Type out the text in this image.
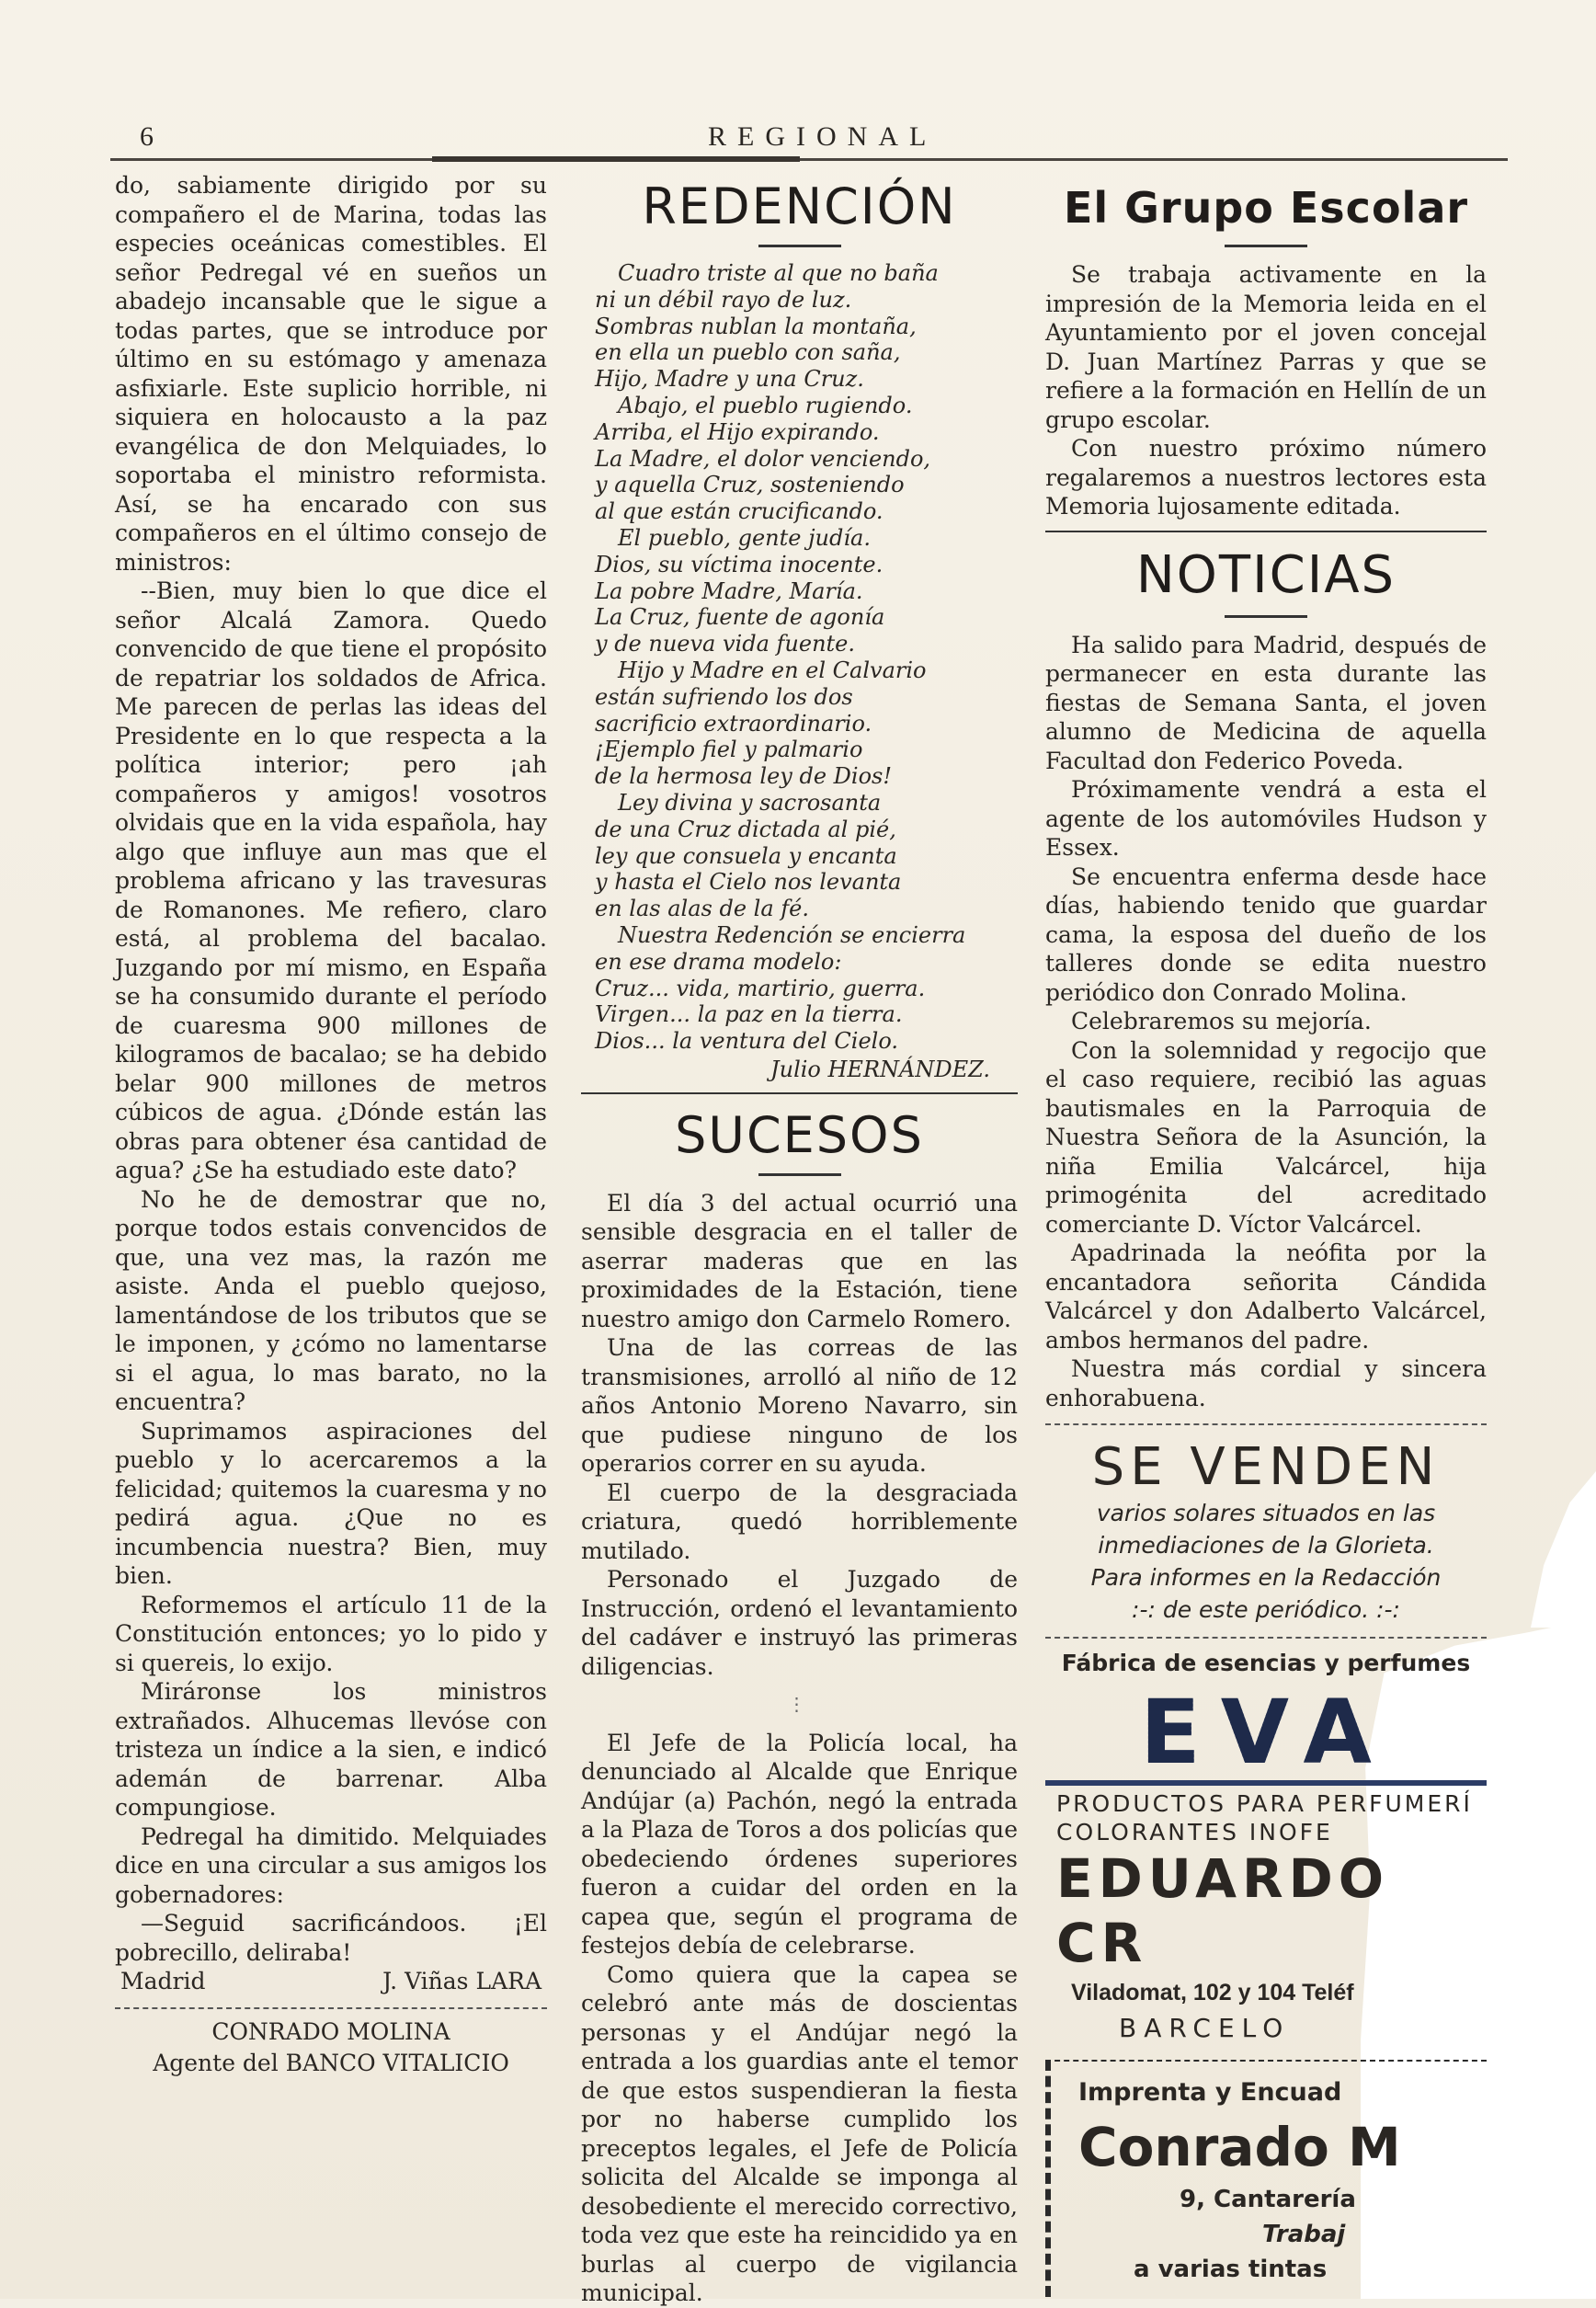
6	REGIONAL

do, sabiamente dirigido por su compañero el de Marina, todas las especies oceánicas comestibles. El señor Pedregal vé en sueños un abadejo incansable que le sigue a todas partes, que se introduce por último en su estómago y amenaza asfixiarle. Este suplicio horrible, ni siquiera en holocausto a la paz evangélica de don Melquiades, lo soportaba el ministro reformista. Así, se ha encarado con sus compañeros en el último consejo de ministros:

--Bien, muy bien lo que dice el señor Alcalá Zamora. Quedo convencido de que tiene el propósito de repatriar los soldados de Africa. Me parecen de perlas las ideas del Presidente en lo que respecta a la política interior; pero ¡ah compañeros y amigos! vosotros olvidais que en la vida española, hay algo que influye aun mas que el problema africano y las travesuras de Romanones. Me refiero, claro está, al problema del bacalao. Juzgando por mí mismo, en España se ha consumido durante el período de cuaresma 900 millones de kilogramos de bacalao; se ha debido belar 900 millones de metros cúbicos de agua. ¿Dónde están las obras para obtener ésa cantidad de agua? ¿Se ha estudiado este dato?

No he de demostrar que no, porque todos estais convencidos de que, una vez mas, la razón me asiste. Anda el pueblo quejoso, lamentándose de los tributos que se le imponen, y ¿cómo no lamentarse si el agua, lo mas barato, no la encuentra?

Suprimamos aspiraciones del pueblo y lo acercaremos a la felicidad; quitemos la cuaresma y no pedirá agua. ¿Que no es incumbencia nuestra? Bien, muy bien.

Reformemos el artículo 11 de la Constitución entonces; yo lo pido y si quereis, lo exijo.

Miráronse los ministros extrañados. Alhucemas llevóse con tristeza un índice a la sien, e indicó ademán de barrenar. Alba compungiose.

Pedregal ha dimitido. Melquiades dice en una circular a sus amigos los gobernadores:

—Seguid sacrificándoos. ¡El pobrecillo, deliraba!

Madrid	J. Viñas LARA
CONRADO MOLINA
Agente del BANCO VITALICIO
REDENCIÓN
Cuadro triste al que no baña
ni un débil rayo de luz.
Sombras nublan la montaña,
en ella un pueblo con saña,
Hijo, Madre y una Cruz.
Abajo, el pueblo rugiendo.
Arriba, el Hijo expirando.
La Madre, el dolor venciendo,
y aquella Cruz, sosteniendo
al que están crucificando.
El pueblo, gente judía.
Dios, su víctima inocente.
La pobre Madre, María.
La Cruz, fuente de agonía
y de nueva vida fuente.
Hijo y Madre en el Calvario
están sufriendo los dos
sacrificio extraordinario.
¡Ejemplo fiel y palmario
de la hermosa ley de Dios!
Ley divina y sacrosanta
de una Cruz dictada al pié,
ley que consuela y encanta
y hasta el Cielo nos levanta
en las alas de la fé.
Nuestra Redención se encierra
en ese drama modelo:
Cruz... vida, martirio, guerra.
Virgen... la paz en la tierra.
Dios... la ventura del Cielo.
Julio HERNÁNDEZ.
SUCESOS

El día 3 del actual ocurrió una sensible desgracia en el taller de aserrar maderas que en las proximidades de la Estación, tiene nuestro amigo don Carmelo Romero.

Una de las correas de las transmisiones, arrolló al niño de 12 años Antonio Moreno Navarro, sin que pudiese ninguno de los operarios correr en su ayuda.

El cuerpo de la desgraciada criatura, quedó horriblemente mutilado.

Personado el Juzgado de Instrucción, ordenó el levantamiento del cadáver e instruyó las primeras diligencias.

⋮

El Jefe de la Policía local, ha denunciado al Alcalde que Enrique Andújar (a) Pachón, negó la entrada a la Plaza de Toros a dos policías que obedeciendo órdenes superiores fueron a cuidar del orden en la capea que, según el programa de festejos debía de celebrarse.

Como quiera que la capea se celebró ante más de doscientas personas y el Andújar negó la entrada a los guardias ante el temor de que estos suspendieran la fiesta por no haberse cumplido los preceptos legales, el Jefe de Policía solicita del Alcalde se imponga al desobediente el merecido correctivo, toda vez que este ha reincidido ya en burlas al cuerpo de vigilancia municipal.

El Grupo Escolar

Se trabaja activamente en la impresión de la Memoria leida en el Ayuntamiento por el joven concejal D. Juan Martínez Parras y que se refiere a la formación en Hellín de un grupo escolar.

Con nuestro próximo número regalaremos a nuestros lectores esta Memoria lujosamente editada.

NOTICIAS

Ha salido para Madrid, después de permanecer en esta durante las fiestas de Semana Santa, el joven alumno de Medicina de aquella Facultad don Federico Poveda.

Próximamente vendrá a esta el agente de los automóviles Hudson y Essex.

Se encuentra enferma desde hace días, habiendo tenido que guardar cama, la esposa del dueño de los talleres donde se edita nuestro periódico don Conrado Molina.

Celebraremos su mejoría.

Con la solemnidad y regocijo que el caso requiere, recibió las aguas bautismales en la Parroquia de Nuestra Señora de la Asunción, la niña Emilia Valcárcel, hija primogénita del acreditado comerciante D. Víctor Valcárcel.

Apadrinada la neófita por la encantadora señorita Cándida Valcárcel y don Adalberto Valcárcel, ambos hermanos del padre.

Nuestra más cordial y sincera enhorabuena.

SE VENDEN
varios solares situados en las inmediaciones de la Glorieta.
Para informes en la Redacción
:-: de este periódico. :-:
Fábrica de esencias y perfumes
EVA
PRODUCTOS PARA PERFUMERÍ
COLORANTES INOFE
EDUARDO CR
Viladomat, 102 y 104 Teléf
BARCELO
Imprenta y Encuad
Conrado M
9, Cantarería
Trabaj
a varias tintas
